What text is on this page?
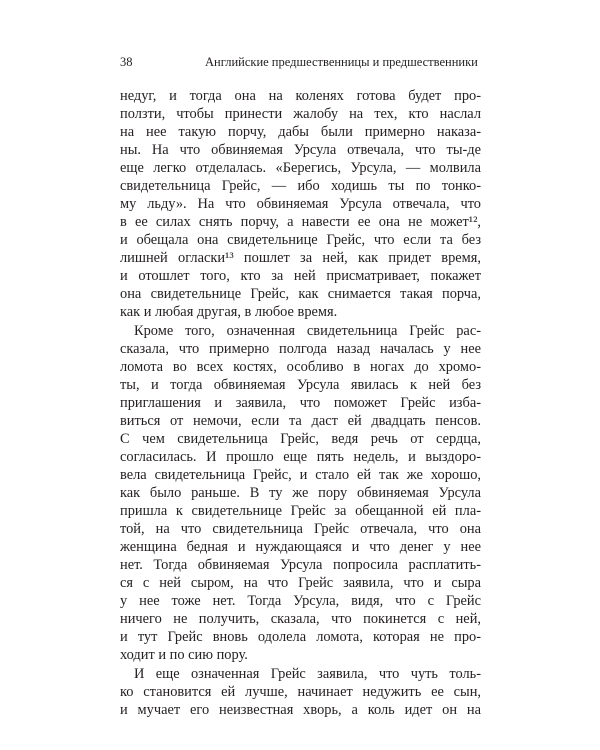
38	Английские предшественницы и предшественники
недуг, и тогда она на коленях готова будет про-
ползти, чтобы принести жалобу на тех, кто наслал
на нее такую порчу, дабы были примерно наказа-
ны. На что обвиняемая Урсула отвечала, что ты-де
еще легко отделалась. «Берегись, Урсула, — молвила
свидетельница Грейс, — ибо ходишь ты по тонко-
му льду». На что обвиняемая Урсула отвечала, что
в ее силах снять порчу, а навести ее она не может¹²,
и обещала она свидетельнице Грейс, что если та без
лишней огласки¹³ пошлет за ней, как придет время,
и отошлет того, кто за ней присматривает, покажет
она свидетельнице Грейс, как снимается такая порча,
как и любая другая, в любое время.
Кроме того, означенная свидетельница Грейс рас-
сказала, что примерно полгода назад началась у нее
ломота во всех костях, особливо в ногах до хромо-
ты, и тогда обвиняемая Урсула явилась к ней без
приглашения и заявила, что поможет Грейс изба-
виться от немочи, если та даст ей двадцать пенсов.
С чем свидетельница Грейс, ведя речь от сердца,
согласилась. И прошло еще пять недель, и выздоро-
вела свидетельница Грейс, и стало ей так же хорошо,
как было раньше. В ту же пору обвиняемая Урсула
пришла к свидетельнице Грейс за обещанной ей пла-
той, на что свидетельница Грейс отвечала, что она
женщина бедная и нуждающаяся и что денег у нее
нет. Тогда обвиняемая Урсула попросила расплатить-
ся с ней сыром, на что Грейс заявила, что и сыра
у нее тоже нет. Тогда Урсула, видя, что с Грейс
ничего не получить, сказала, что покинется с ней,
и тут Грейс вновь одолела ломота, которая не про-
ходит и по сию пору.
И еще означенная Грейс заявила, что чуть толь-
ко становится ей лучше, начинает недужить ее сын,
и мучает его неизвестная хворь, а коль идет он на
